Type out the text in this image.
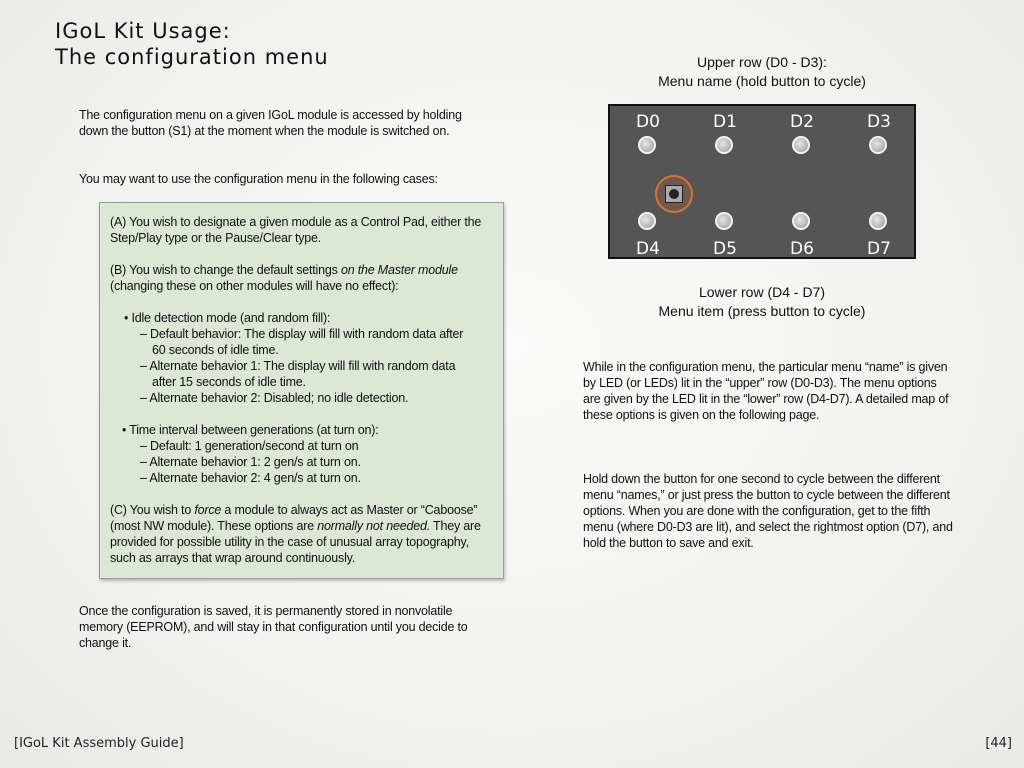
IGoL Kit Usage:
The configuration menu

The configuration menu on a given IGoL module is accessed by holding down the button (S1) at the moment when the module is switched on.

You may want to use the configuration menu in the following cases:

(A) You wish to designate a given module as a Control Pad, either the Step/Play type or the Pause/Clear type.

(B) You wish to change the default settings on the Master module
(changing these on other modules will have no effect):

• Idle detection mode (and random fill):

– Default behavior: The display will fill with random data after

60 seconds of idle time.

– Alternate behavior 1: The display will fill with random data

after 15 seconds of idle time.

– Alternate behavior 2: Disabled; no idle detection.

• Time interval between generations (at turn on):

– Default: 1 generation/second at turn on

– Alternate behavior 1: 2 gen/s at turn on.

– Alternate behavior 2: 4 gen/s at turn on.

(C) You wish to force a module to always act as Master or “Caboose” (most NW module). These options are normally not needed. They are provided for possible utility in the case of unusual array topography, such as arrays that wrap around continuously.

Once the configuration is saved, it is permanently stored in nonvolatile memory (EEPROM), and will stay in that configuration until you decide to change it.

Upper row (D0 - D3):
Menu name (hold button to cycle)

D0	D1	D2	D3
D4	D5	D6	D7

Lower row (D4 - D7)
Menu item (press button to cycle)

While in the configuration menu, the particular menu “name” is given by LED (or LEDs) lit in the “upper” row (D0-D3). The menu options are given by the LED lit in the “lower” row (D4-D7). A detailed map of these options is given on the following page.

Hold down the button for one second to cycle between the different menu “names,” or just press the button to cycle between the different options. When you are done with the configuration, get to the fifth menu (where D0-D3 are lit), and select the rightmost option (D7), and hold the button to save and exit.

[IGoL Kit Assembly Guide]	[44]
